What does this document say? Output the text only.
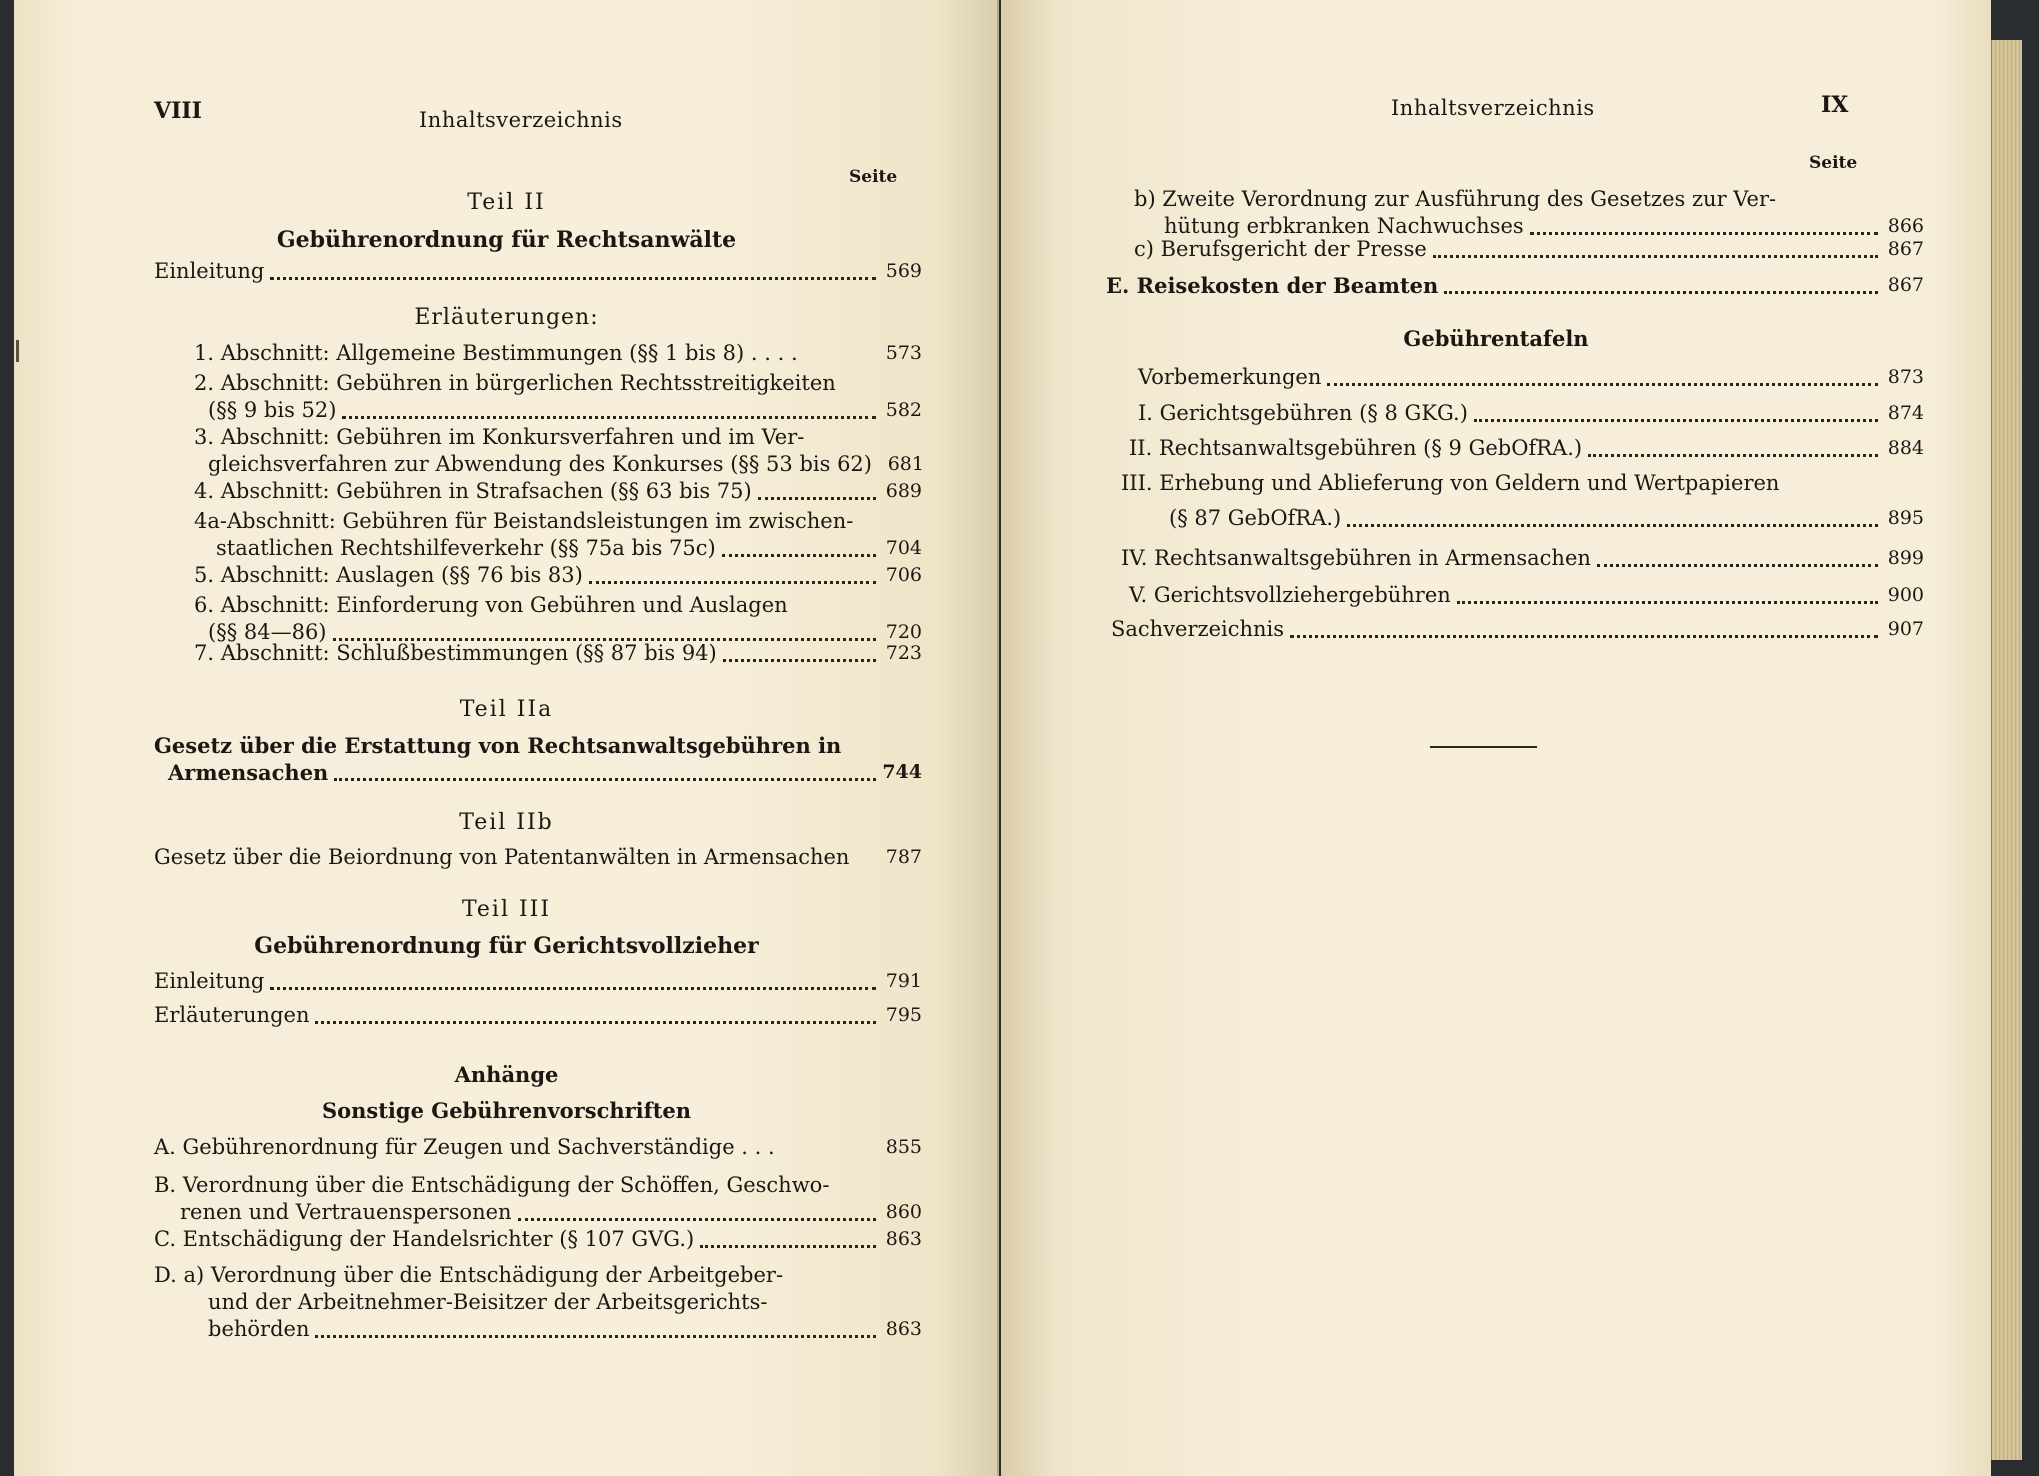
VIII	Inhaltsverzeichnis
Seite
Teil II
Gebührenordnung für Rechtsanwälte
Einleitung	569
Erläuterungen:
1. Abschnitt: Allgemeine Bestimmungen (§§ 1 bis 8) . . . .	573
2. Abschnitt: Gebühren in bürgerlichen Rechtsstreitigkeiten
(§§ 9 bis 52)	582
3. Abschnitt: Gebühren im Konkursverfahren und im Ver-
gleichsverfahren zur Abwendung des Konkurses (§§ 53 bis 62) 681
4. Abschnitt: Gebühren in Strafsachen (§§ 63 bis 75)	689
4a-Abschnitt: Gebühren für Beistandsleistungen im zwischen-
staatlichen Rechtshilfeverkehr (§§ 75a bis 75c)	704
5. Abschnitt: Auslagen (§§ 76 bis 83)	706
6. Abschnitt: Einforderung von Gebühren und Auslagen
(§§ 84—86)	720
7. Abschnitt: Schlußbestimmungen (§§ 87 bis 94)	723
Teil IIa
Gesetz über die Erstattung von Rechtsanwaltsgebühren in
Armensachen	744
Teil IIb
Gesetz über die Beiordnung von Patentanwälten in Armensachen 787
Teil III
Gebührenordnung für Gerichtsvollzieher
Einleitung	791
Erläuterungen	795
Anhänge
Sonstige Gebührenvorschriften
A. Gebührenordnung für Zeugen und Sachverständige . . .	855
B. Verordnung über die Entschädigung der Schöffen, Geschwo-
renen und Vertrauenspersonen	860
C. Entschädigung der Handelsrichter (§ 107 GVG.)	863
D. a) Verordnung über die Entschädigung der Arbeitgeber-
und der Arbeitnehmer-Beisitzer der Arbeitsgerichts-
behörden	863
Inhaltsverzeichnis	IX
Seite
b) Zweite Verordnung zur Ausführung des Gesetzes zur Ver-
hütung erbkranken Nachwuchses	866
c) Berufsgericht der Presse	867
E. Reisekosten der Beamten	867
Gebührentafeln
Vorbemerkungen	873
I. Gerichtsgebühren (§ 8 GKG.)	874
II. Rechtsanwaltsgebühren (§ 9 GebOfRA.)	884
III. Erhebung und Ablieferung von Geldern und Wertpapieren
(§ 87 GebOfRA.)	895
IV. Rechtsanwaltsgebühren in Armensachen	899
V. Gerichtsvollziehergebühren	900
Sachverzeichnis	907
